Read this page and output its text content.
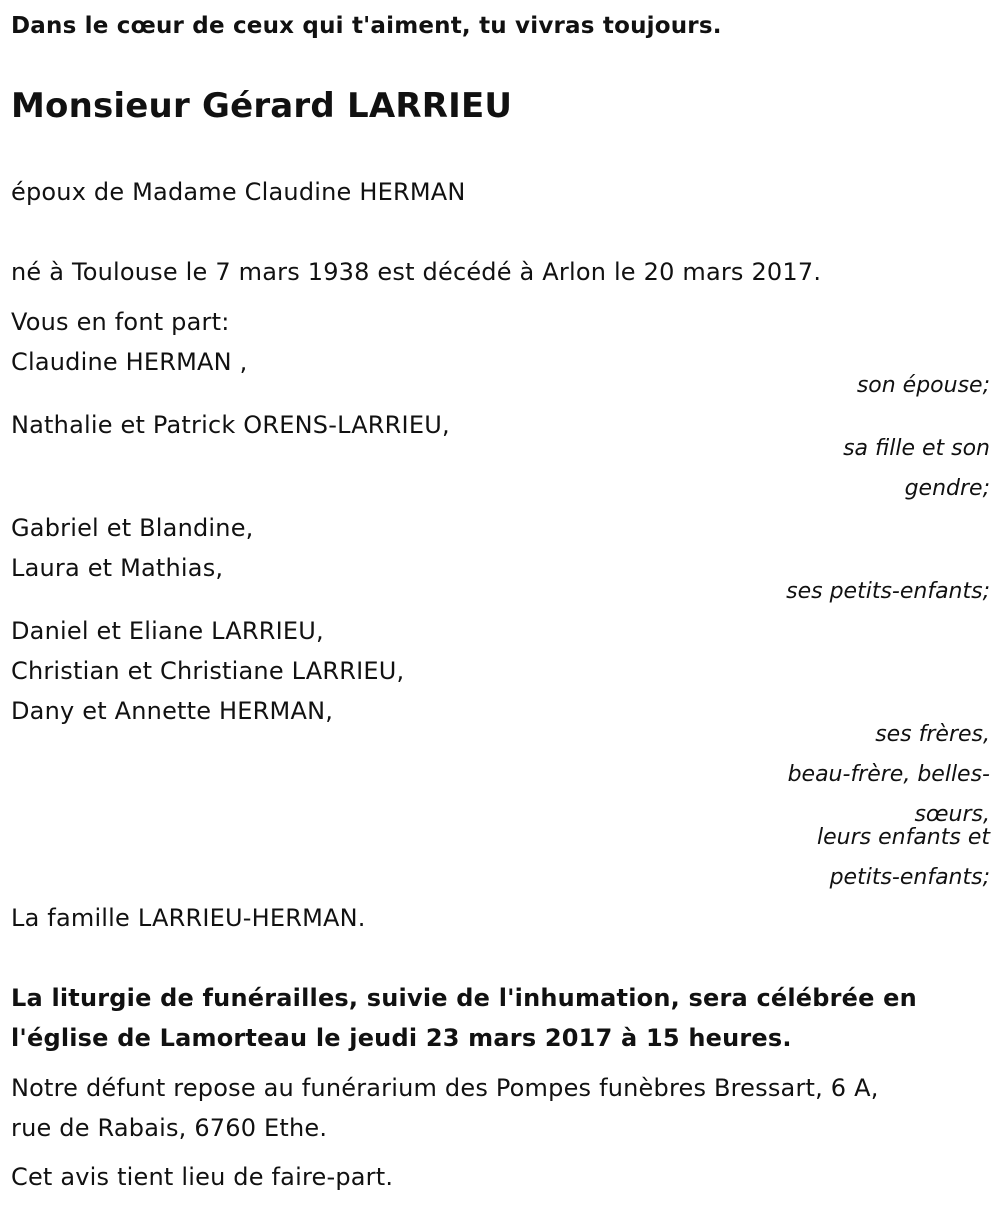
Dans le cœur de ceux qui t'aiment, tu vivras toujours.
Monsieur Gérard LARRIEU
époux de Madame Claudine HERMAN
né à Toulouse le 7 mars 1938 est décédé à Arlon le 20 mars 2017.
Vous en font part:
Claudine HERMAN ,
son épouse;
Nathalie et Patrick ORENS-LARRIEU,
sa fille et son
gendre;
Gabriel et Blandine,
Laura et Mathias,
ses petits-enfants;
Daniel et Eliane LARRIEU,
Christian et Christiane LARRIEU,
Dany et Annette HERMAN,
ses frères,
beau-frère, belles-
sœurs,
leurs enfants et
petits-enfants;
La famille LARRIEU-HERMAN.
La liturgie de funérailles, suivie de l'inhumation, sera célébrée en
l'église de Lamorteau le jeudi 23 mars 2017 à 15 heures.
Notre défunt repose au funérarium des Pompes funèbres Bressart, 6 A,
rue de Rabais, 6760 Ethe.
Cet avis tient lieu de faire-part.
